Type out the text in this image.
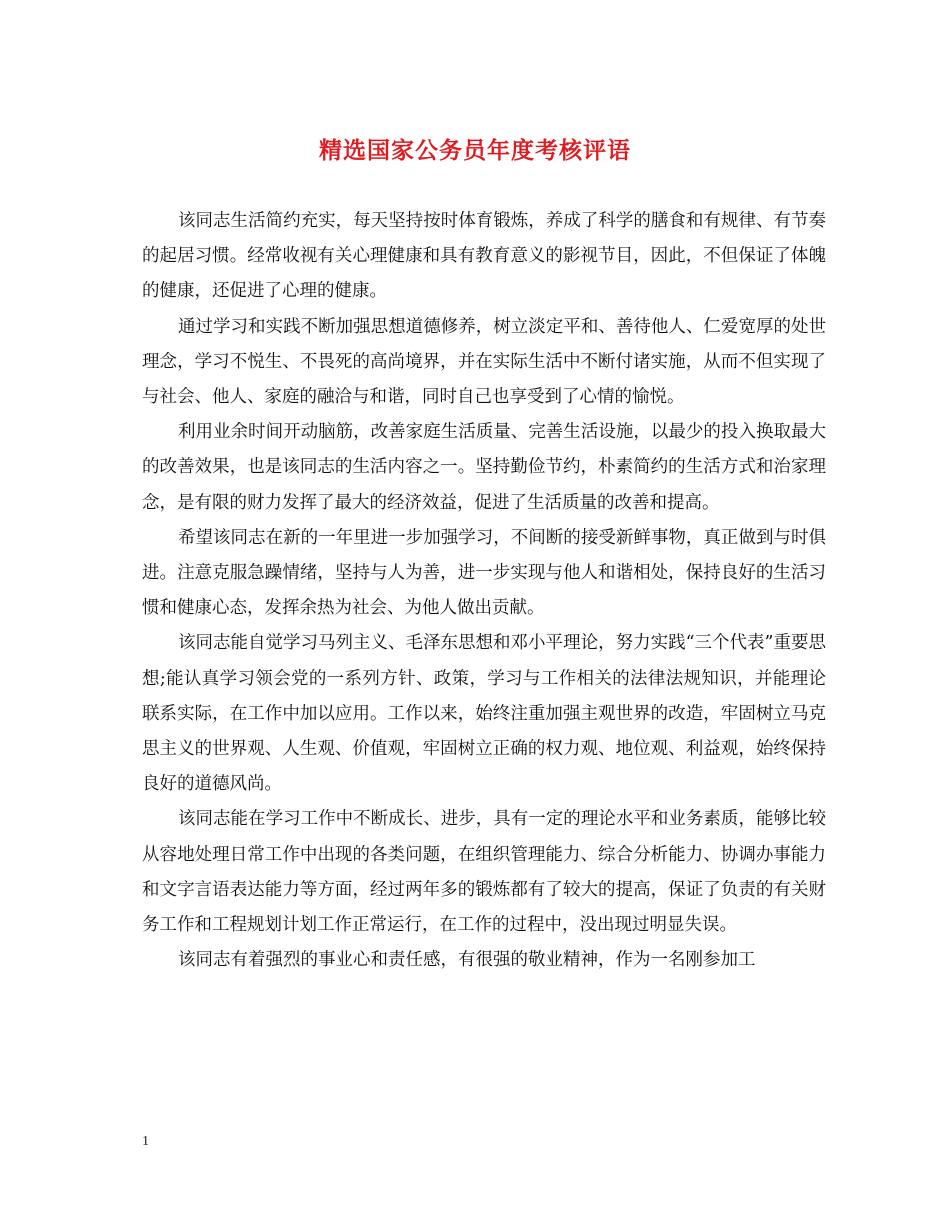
精选国家公务员年度考核评语

该同志生活简约充实，每天坚持按时体育锻炼，养成了科学的膳食和有规律、有节奏的起居习惯。经常收视有关心理健康和具有教育意义的影视节目，因此，不但保证了体魄的健康，还促进了心理的健康。

通过学习和实践不断加强思想道德修养，树立淡定平和、善待他人、仁爱宽厚的处世理念，学习不悦生、不畏死的高尚境界，并在实际生活中不断付诸实施，从而不但实现了与社会、他人、家庭的融洽与和谐，同时自己也享受到了心情的愉悦。

利用业余时间开动脑筋，改善家庭生活质量、完善生活设施，以最少的投入换取最大的改善效果，也是该同志的生活内容之一。坚持勤俭节约，朴素简约的生活方式和治家理念，是有限的财力发挥了最大的经济效益，促进了生活质量的改善和提高。

希望该同志在新的一年里进一步加强学习，不间断的接受新鲜事物，真正做到与时俱进。注意克服急躁情绪，坚持与人为善，进一步实现与他人和谐相处，保持良好的生活习惯和健康心态，发挥余热为社会、为他人做出贡献。

该同志能自觉学习马列主义、毛泽东思想和邓小平理论，努力实践“三个代表”重要思想;能认真学习领会党的一系列方针、政策，学习与工作相关的法律法规知识，并能理论联系实际，在工作中加以应用。工作以来，始终注重加强主观世界的改造，牢固树立马克思主义的世界观、人生观、价值观，牢固树立正确的权力观、地位观、利益观，始终保持良好的道德风尚。

该同志能在学习工作中不断成长、进步，具有一定的理论水平和业务素质，能够比较从容地处理日常工作中出现的各类问题，在组织管理能力、综合分析能力、协调办事能力和文字言语表达能力等方面，经过两年多的锻炼都有了较大的提高，保证了负责的有关财务工作和工程规划计划工作正常运行，在工作的过程中，没出现过明显失误。

该同志有着强烈的事业心和责任感，有很强的敬业精神，作为一名刚参加工

1
